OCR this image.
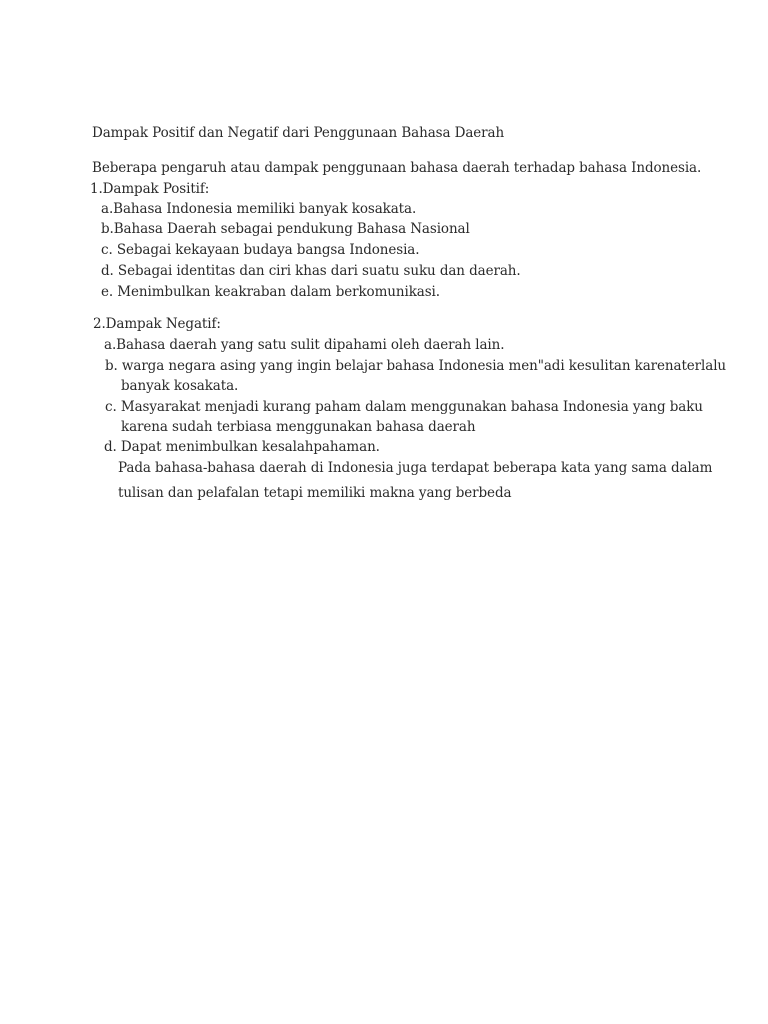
Dampak Positif dan Negatif dari Penggunaan Bahasa Daerah
Beberapa pengaruh atau dampak penggunaan bahasa daerah terhadap bahasa Indonesia.
1.Dampak Positif:
a.Bahasa Indonesia memiliki banyak kosakata.
b.Bahasa Daerah sebagai pendukung Bahasa Nasional
c. Sebagai kekayaan budaya bangsa Indonesia.
d. Sebagai identitas dan ciri khas dari suatu suku dan daerah.
e. Menimbulkan keakraban dalam berkomunikasi.
2.Dampak Negatif:
a.Bahasa daerah yang satu sulit dipahami oleh daerah lain.
b. warga negara asing yang ingin belajar bahasa Indonesia men"adi kesulitan karenaterlalu
banyak kosakata.
c. Masyarakat menjadi kurang paham dalam menggunakan bahasa Indonesia yang baku
karena sudah terbiasa menggunakan bahasa daerah
d. Dapat menimbulkan kesalahpahaman.
Pada bahasa-bahasa daerah di Indonesia juga terdapat beberapa kata yang sama dalam
tulisan dan pelafalan tetapi memiliki makna yang berbeda
